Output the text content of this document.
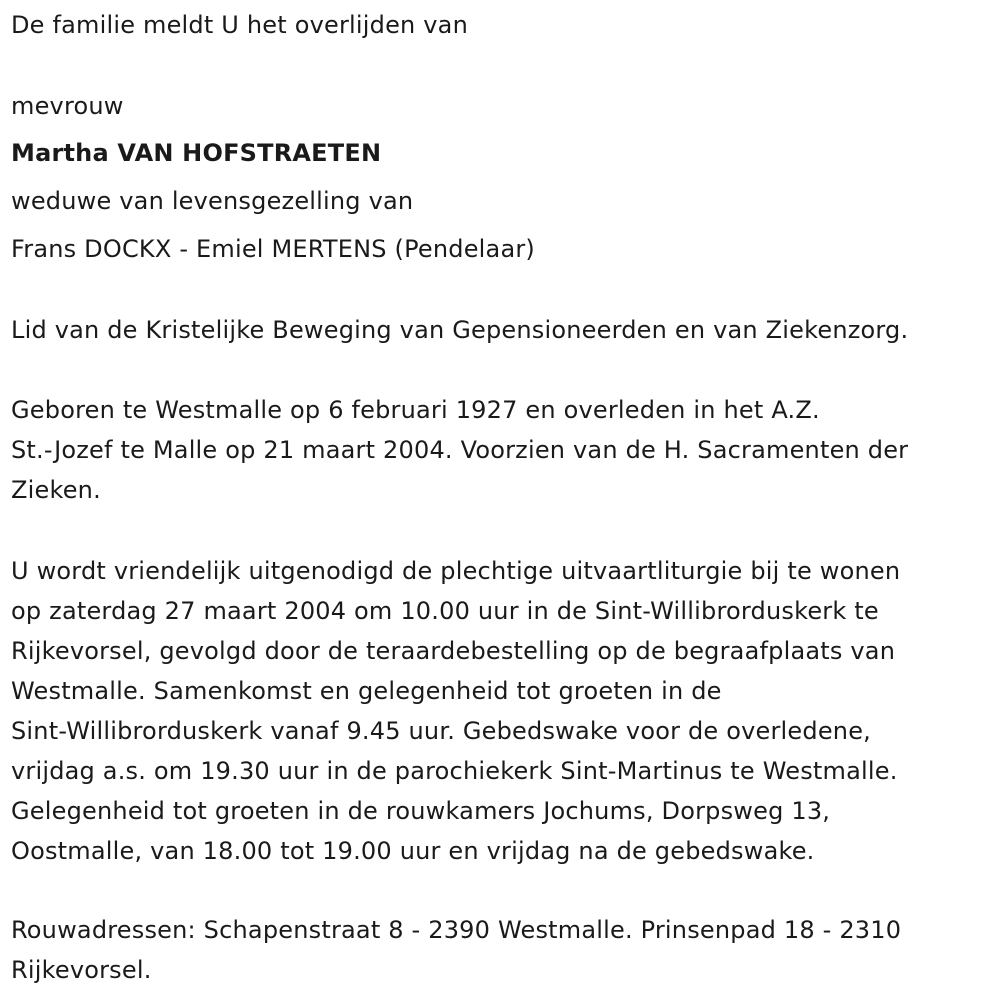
De familie meldt U het overlijden van
mevrouw
Martha VAN HOFSTRAETEN
weduwe van levensgezelling van
Frans DOCKX - Emiel MERTENS (Pendelaar)
Lid van de Kristelijke Beweging van Gepensioneerden en van Ziekenzorg.
Geboren te Westmalle op 6 februari 1927 en overleden in het A.Z.
St.-Jozef te Malle op 21 maart 2004. Voorzien van de H. Sacramenten der
Zieken.
U wordt vriendelijk uitgenodigd de plechtige uitvaartliturgie bij te wonen
op zaterdag 27 maart 2004 om 10.00 uur in de Sint-Willibrorduskerk te
Rijkevorsel, gevolgd door de teraardebestelling op de begraafplaats van
Westmalle. Samenkomst en gelegenheid tot groeten in de
Sint-Willibrorduskerk vanaf 9.45 uur. Gebedswake voor de overledene,
vrijdag a.s. om 19.30 uur in de parochiekerk Sint-Martinus te Westmalle.
Gelegenheid tot groeten in de rouwkamers Jochums, Dorpsweg 13,
Oostmalle, van 18.00 tot 19.00 uur en vrijdag na de gebedswake.
Rouwadressen: Schapenstraat 8 - 2390 Westmalle. Prinsenpad 18 - 2310
Rijkevorsel.
